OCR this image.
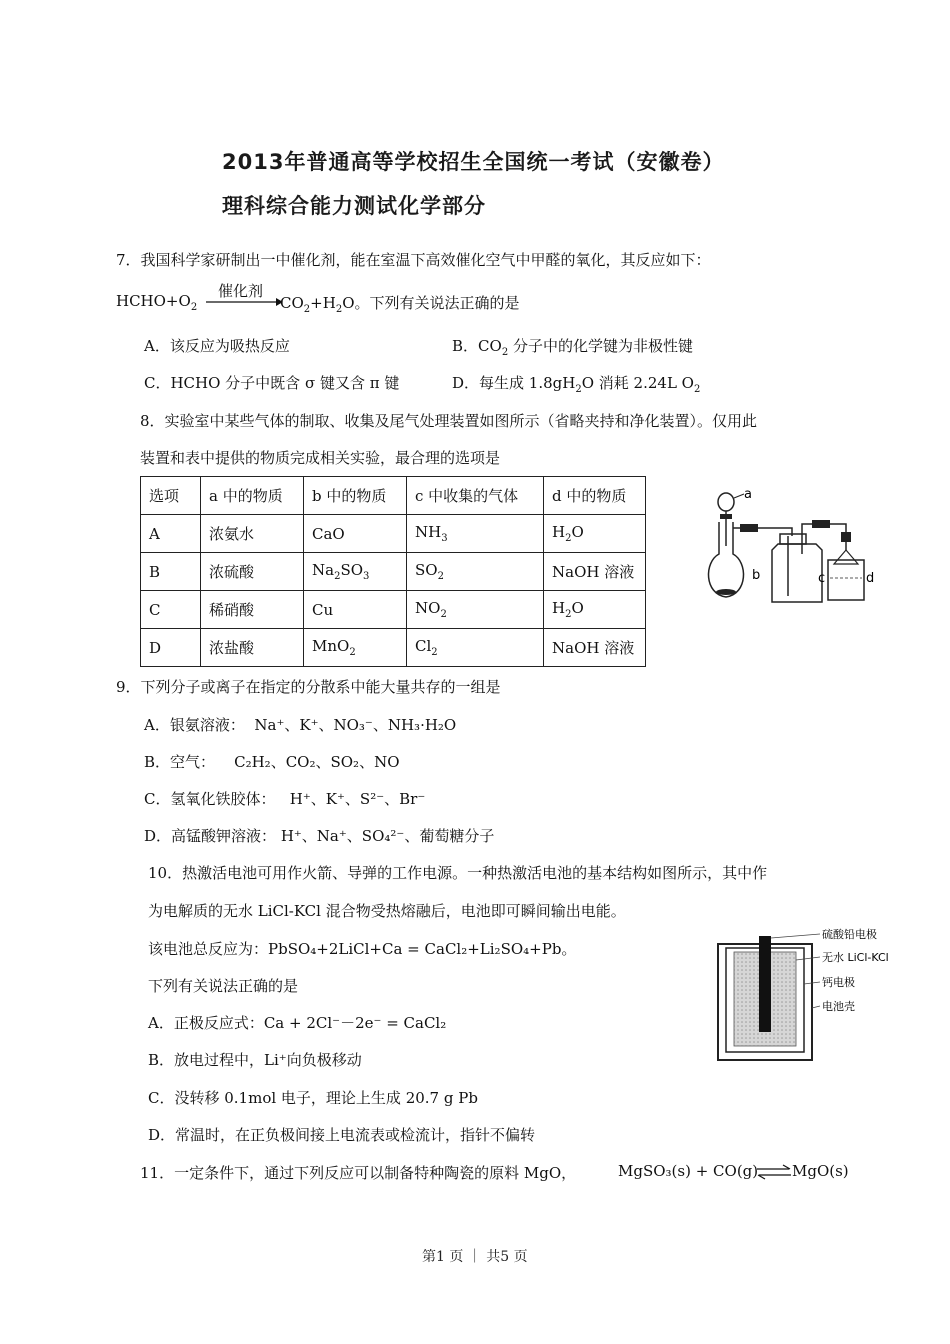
2013年普通高等学校招生全国统一考试（安徽卷）
理科综合能力测试化学部分
7．我国科学家研制出一中催化剂，能在室温下高效催化空气中甲醛的氧化，其反应如下：
$HCHO+O_2$
催化剂
$CO_2+H_2O$。下列有关说法正确的是
A．该反应为吸热反应	B．$CO_2$ 分子中的化学键为非极性键
C．HCHO 分子中既含 σ 键又含 π 键	D．每生成 $1.8gH_2O$ 消耗 2.24L $O_2$
8．实验室中某些气体的制取、收集及尾气处理装置如图所示（省略夹持和净化装置）。仅用此
装置和表中提供的物质完成相关实验，最合理的选项是
选项	a 中的物质	b 中的物质	c 中收集的气体	d 中的物质
A	浓氨水	CaO	$NH_3$	$H_2O$
B	浓硫酸	$Na_2SO_3$	$SO_2$	NaOH 溶液
C	稀硝酸	Cu	$NO_2$	$H_2O$
D	浓盐酸	MnO$_2$	$Cl_2$	NaOH 溶液
a
b	c	d
9．下列分子或离子在指定的分散系中能大量共存的一组是
A．银氨溶液： Na⁺、K⁺、NO₃⁻、NH₃·H₂O
B．空气： C₂H₂、CO₂、SO₂、NO
C．氢氧化铁胶体： H⁺、K⁺、S²⁻、Br⁻
D．高锰酸钾溶液： H⁺、Na⁺、SO₄²⁻、葡萄糖分子
10．热激活电池可用作火箭、导弹的工作电源。一种热激活电池的基本结构如图所示，其中作
为电解质的无水 LiCl-KCl 混合物受热熔融后，电池即可瞬间输出电能。
该电池总反应为：PbSO₄+2LiCl+Ca = CaCl₂+Li₂SO₄+Pb。
下列有关说法正确的是
A．正极反应式：Ca + 2Cl⁻－2e⁻ = CaCl₂
B．放电过程中，Li⁺向负极移动
C．没转移 0.1mol 电子，理论上生成 20.7 g Pb
D．常温时，在正负极间接上电流表或检流计，指针不偏转
硫酸铅电极
无水 LiCl-KCl
钙电极
电池壳
11．一定条件下，通过下列反应可以制备特种陶瓷的原料 MgO，	MgSO₃(s) + CO(g) ⇌ MgO(s)
第1 页 ｜ 共5 页
